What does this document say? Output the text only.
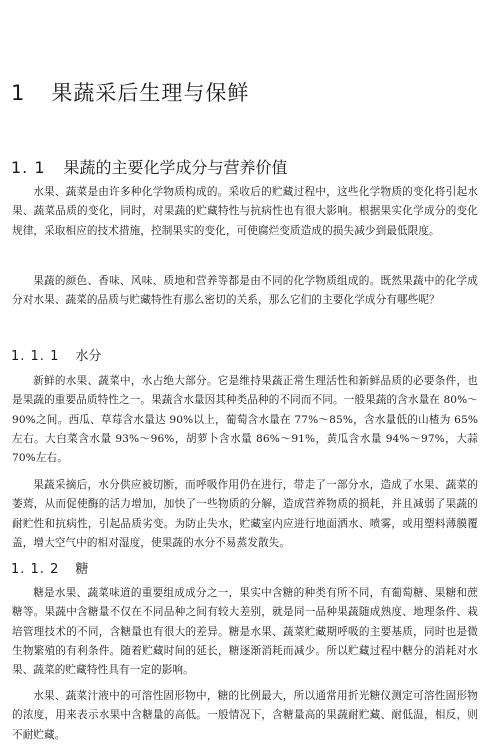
1 果蔬采后生理与保鲜
1. 1 果蔬的主要化学成分与营养价值

水果、蔬菜是由许多种化学物质构成的。采收后的贮藏过程中，这些化学物质的变化将引起水果、蔬菜品质的变化，同时，对果蔬的贮藏特性与抗病性也有很大影响。根据果实化学成分的变化规律，采取相应的技术措施，控制果实的变化，可使腐烂变质造成的损失减少到最低限度。

果蔬的颜色、香味、风味、质地和营养等都是由不同的化学物质组成的。既然果蔬中的化学成分对水果、蔬菜的品质与贮藏特性有那么密切的关系，那么它们的主要化学成分有哪些呢？

1. 1. 1 水分

新鲜的水果、蔬菜中，水占绝大部分。它是维持果蔬正常生理活性和新鲜品质的必要条件，也是果蔬的重要品质特性之一。果蔬含水量因其种类品种的不同而不同。一般果蔬的含水量在 80%～90%之间。西瓜、草莓含水量达 90%以上，葡萄含水量在 77%～85%，含水量低的山楂为 65%左右。大白菜含水量 93%～96%，胡萝卜含水量 86%～91%，黄瓜含水量 94%～97%，大蒜 70%左右。

果蔬采摘后，水分供应被切断，而呼吸作用仍在进行，带走了一部分水，造成了水果、蔬菜的萎蔫，从而促使酶的活力增加，加快了一些物质的分解，造成营养物质的损耗，并且减弱了果蔬的耐贮性和抗病性，引起品质劣变。为防止失水，贮藏室内应进行地面洒水、喷雾，或用塑料薄膜覆盖，增大空气中的相对湿度，使果蔬的水分不易蒸发散失。

1. 1. 2 糖

糖是水果、蔬菜味道的重要组成成分之一，果实中含糖的种类有所不同，有葡萄糖、果糖和蔗糖等。果蔬中含糖量不仅在不同品种之间有较大差别，就是同一品种果蔬随成熟度、地理条件、栽培管理技术的不同，含糖量也有很大的差异。糖是水果、蔬菜贮藏期呼吸的主要基质，同时也是微生物繁殖的有利条件。随着贮藏时间的延长，糖逐渐消耗而减少。所以贮藏过程中糖分的消耗对水果、蔬菜的贮藏特性具有一定的影响。

水果、蔬菜汁液中的可溶性固形物中，糖的比例最大，所以通常用折光糖仪测定可溶性固形物的浓度，用来表示水果中含糖量的高低。一般情况下，含糖量高的果蔬耐贮藏、耐低温，相反，则不耐贮藏。
